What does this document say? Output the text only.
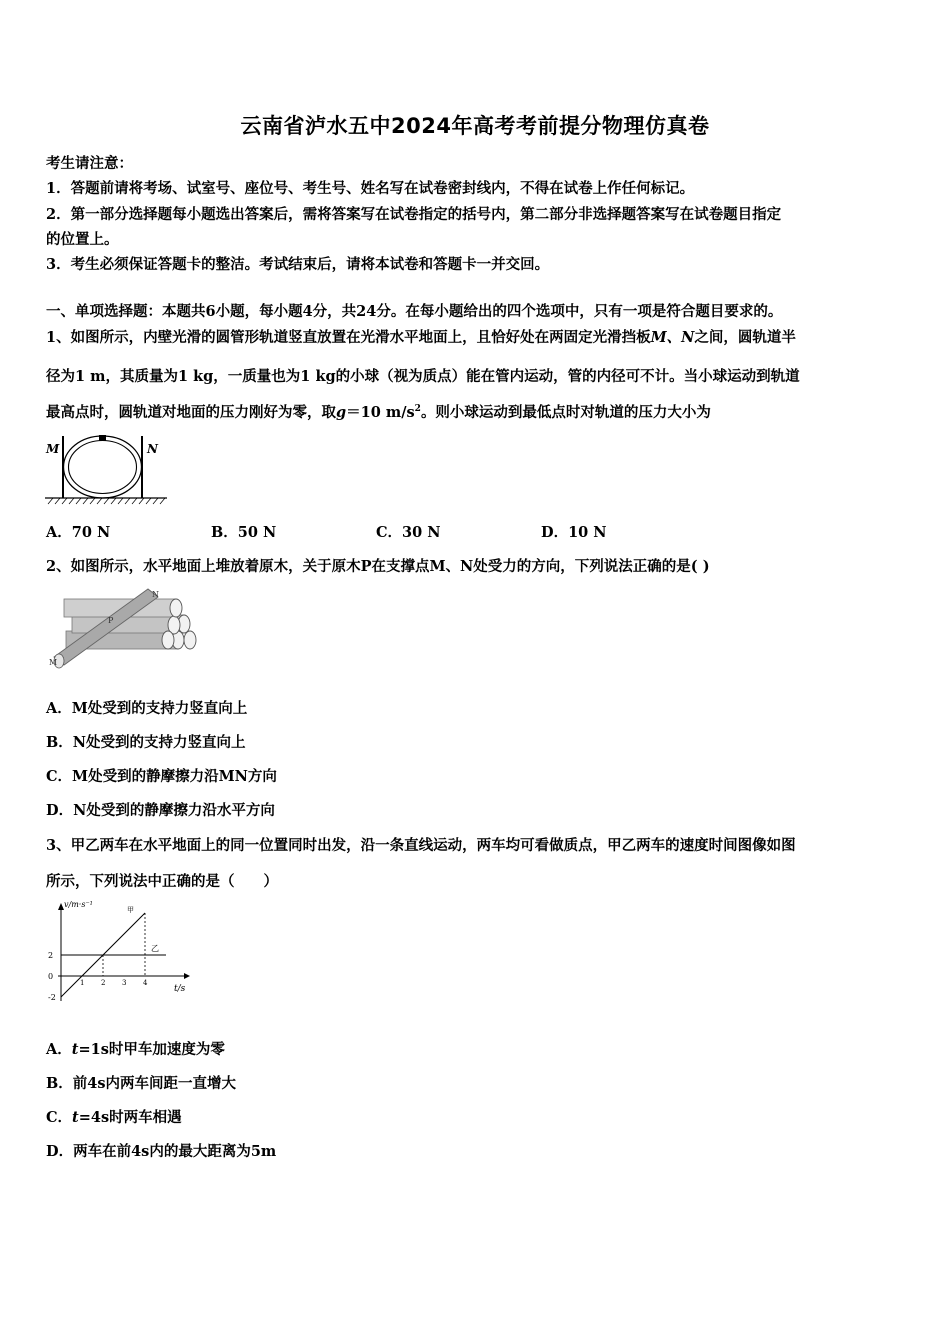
云南省泸水五中2024年高考考前提分物理仿真卷
考生请注意：
1．答题前请将考场、试室号、座位号、考生号、姓名写在试卷密封线内，不得在试卷上作任何标记。
2．第一部分选择题每小题选出答案后，需将答案写在试卷指定的括号内，第二部分非选择题答案写在试卷题目指定
的位置上。
3．考生必须保证答题卡的整洁。考试结束后，请将本试卷和答题卡一并交回。
一、单项选择题：本题共6小题，每小题4分，共24分。在每小题给出的四个选项中，只有一项是符合题目要求的。
1、如图所示，内壁光滑的圆管形轨道竖直放置在光滑水平地面上，且恰好处在两固定光滑挡板M、N之间，圆轨道半
径为1 m，其质量为1 kg，一质量也为1 kg的小球（视为质点）能在管内运动，管的内径可不计。当小球运动到轨道
最高点时，圆轨道对地面的压力刚好为零，取g＝10 $m/s^2$。则小球运动到最低点时对轨道的压力大小为
M	N
A．70 N	B．50 N	C．30 N	D．10 N
2、如图所示，水平地面上堆放着原木，关于原木P在支撑点M、N处受力的方向，下列说法正确的是( )
N
P
M
A．M处受到的支持力竖直向上
B．N处受到的支持力竖直向上
C．M处受到的静摩擦力沿MN方向
D．N处受到的静摩擦力沿水平方向
3、甲乙两车在水平地面上的同一位置同时出发，沿一条直线运动，两车均可看做质点，甲乙两车的速度时间图像如图
所示，下列说法中正确的是（　　）
v/m·s⁻¹
t/s
1 2 3 4
2
0
-2
甲
乙
A．t=1s时甲车加速度为零
B．前4s内两车间距一直增大
C．t=4s时两车相遇
D．两车在前4s内的最大距离为5m
